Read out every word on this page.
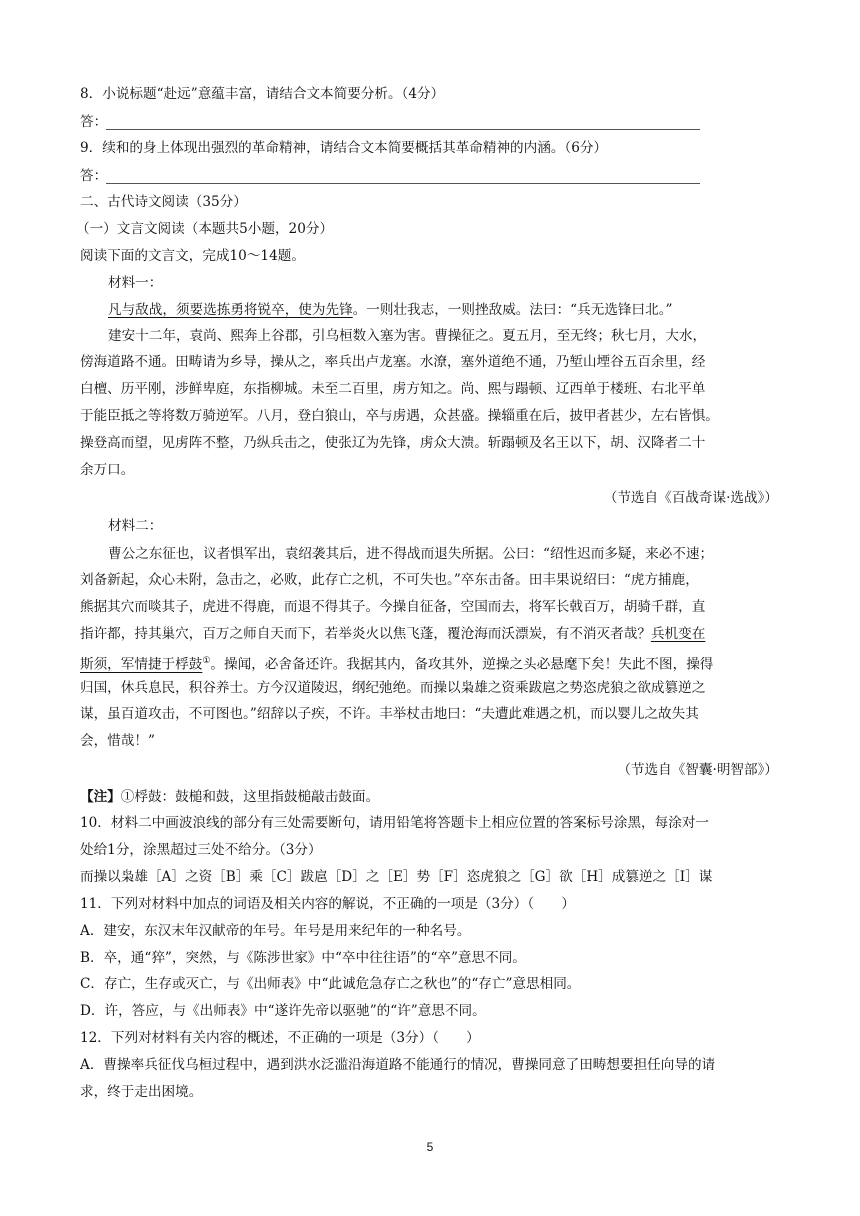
8．小说标题“赴远”意蕴丰富，请结合文本简要分析。（4分）
答：
9．续和的身上体现出强烈的革命精神，请结合文本简要概括其革命精神的内涵。（6分）
答：
二、古代诗文阅读（35分）
（一）文言文阅读（本题共5小题，20分）
阅读下面的文言文，完成10～14题。
材料一：
凡与敌战，须要选拣勇将锐卒，使为先锋。一则壮我志，一则挫敌威。法曰：“兵无选锋曰北。”
建安十二年，袁尚、熙奔上谷郡，引乌桓数入塞为害。曹操征之。夏五月，至无终；秋七月，大水，
傍海道路不通。田畴请为乡导，操从之，率兵出卢龙塞。水潦，塞外道绝不通，乃堑山堙谷五百余里，经
白檀、历平刚，涉鲜卑庭，东指柳城。未至二百里，虏方知之。尚、熙与蹋顿、辽西单于楼班、右北平单
于能臣抵之等将数万骑逆军。八月，登白狼山，卒与虏遇，众甚盛。操辎重在后，披甲者甚少，左右皆惧。
操登高而望，见虏阵不整，乃纵兵击之，使张辽为先锋，虏众大溃。斩蹋顿及名王以下，胡、汉降者二十
余万口。
（节选自《百战奇谋·选战》）
材料二：
曹公之东征也，议者惧军出，袁绍袭其后，进不得战而退失所据。公曰：“绍性迟而多疑，来必不速；
刘备新起，众心未附，急击之，必败，此存亡之机，不可失也。”卒东击备。田丰果说绍曰：“虎方捕鹿，
熊据其穴而啖其子，虎进不得鹿，而退不得其子。今操自征备，空国而去，将军长戟百万，胡骑千群，直
指许都，持其巢穴，百万之师自天而下，若举炎火以焦飞蓬，覆沧海而沃漂炭，有不消灭者哉？兵机变在
斯须，军情捷于桴鼓①。操闻，必舍备还许。我据其内，备攻其外，逆操之头必悬麾下矣！失此不图，操得
归国，休兵息民，积谷养士。方今汉道陵迟，纲纪弛绝。而操以枭雄之资乘跋扈之势恣虎狼之欲成篡逆之
谋，虽百道攻击，不可图也。”绍辞以子疾，不许。丰举杖击地曰：“夫遭此难遇之机，而以婴儿之故失其
会，惜哉！”
（节选自《智囊·明智部》）
【注】①桴鼓：鼓槌和鼓，这里指鼓槌敲击鼓面。
10．材料二中画波浪线的部分有三处需要断句，请用铅笔将答题卡上相应位置的答案标号涂黑，每涂对一
处给1分，涂黑超过三处不给分。（3分）
而操以枭雄［A］之资［B］乘［C］跋扈［D］之［E］势［F］恣虎狼之［G］欲［H］成篡逆之［I］谋
11．下列对材料中加点的词语及相关内容的解说，不正确的一项是（3分）（　　）
A．建安，东汉末年汉献帝的年号。年号是用来纪年的一种名号。
B．卒，通“猝”，突然，与《陈涉世家》中“卒中往往语”的“卒”意思不同。
C．存亡，生存或灭亡，与《出师表》中“此诚危急存亡之秋也”的“存亡”意思相同。
D．许，答应，与《出师表》中“遂许先帝以驱驰”的“许”意思不同。
12．下列对材料有关内容的概述，不正确的一项是（3分）（　　）
A．曹操率兵征伐乌桓过程中，遇到洪水泛滥沿海道路不能通行的情况，曹操同意了田畴想要担任向导的请
求，终于走出困境。
5
